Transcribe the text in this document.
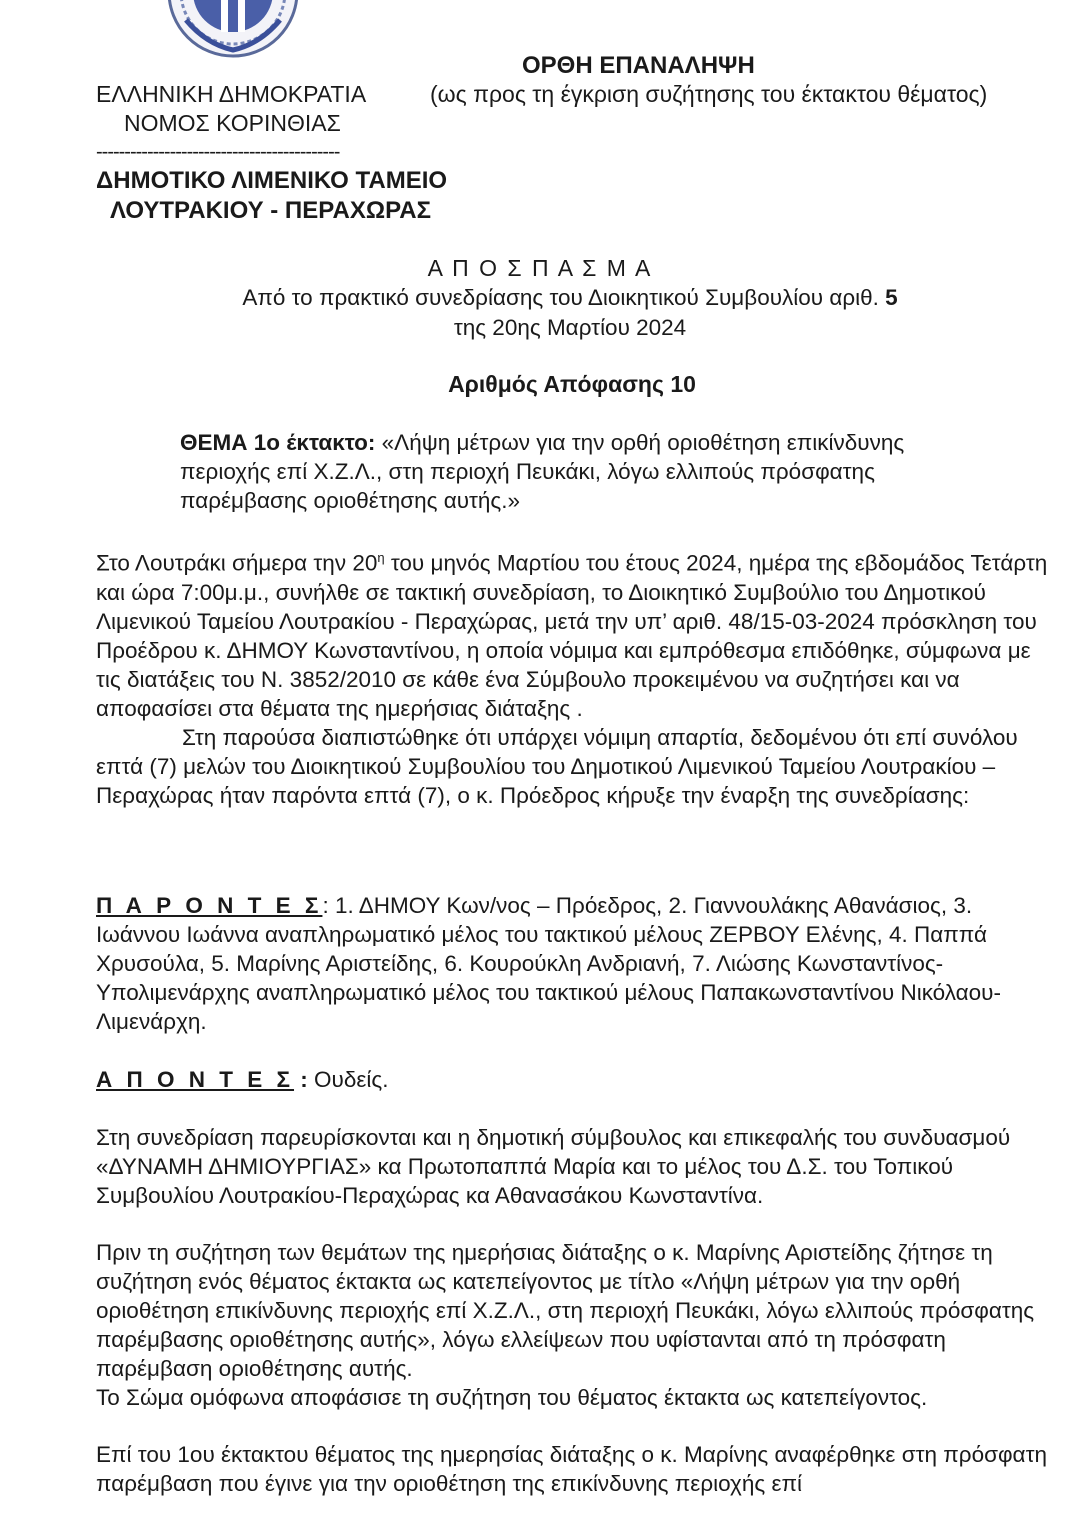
ΕΛΛΗΝΙΚΗ ΔΗΜΟΚΡΑΤΙΑ
ΝΟΜΟΣ ΚΟΡΙΝΘΙΑΣ
-------------------------------------------
ΔΗΜΟΤΙΚΟ ΛΙΜΕΝΙΚΟ ΤΑΜΕΙΟ
ΛΟΥΤΡΑΚΙΟΥ - ΠΕΡΑΧΩΡΑΣ
ΟΡΘΗ ΕΠΑΝΑΛΗΨΗ
(ως προς τη έγκριση συζήτησης του έκτακτου θέματος)
Α Π Ο Σ Π Α Σ Μ Α
Από το πρακτικό συνεδρίασης του Διοικητικού Συμβουλίου αριθ. 5
της 20ης Μαρτίου 2024
Αριθμός Απόφασης 10
ΘΕΜΑ 1ο έκτακτο: «Λήψη μέτρων για την ορθή οριοθέτηση επικίνδυνης
περιοχής επί Χ.Ζ.Λ., στη περιοχή Πευκάκι, λόγω ελλιπούς πρόσφατης
παρέμβασης οριοθέτησης αυτής.»

Στο Λουτράκι σήμερα την $20^\eta$ του μηνός Μαρτίου του έτους 2024, ημέρα της εβδομάδος Τετάρτη και ώρα 7:00μ.μ., συνήλθε σε τακτική συνεδρίαση, το Διοικητικό Συμβούλιο του Δημοτικού Λιμενικού Ταμείου Λουτρακίου - Περαχώρας, μετά την υπ’ αριθ. 48/15-03-2024 πρόσκληση του Προέδρου κ. ΔΗΜΟΥ Κωνσταντίνου, η οποία νόμιμα και εμπρόθεσμα επιδόθηκε, σύμφωνα με τις διατάξεις του Ν. 3852/2010 σε κάθε ένα Σύμβουλο προκειμένου να συζητήσει και να αποφασίσει στα θέματα της ημερήσιας διάταξης .

Στη παρούσα διαπιστώθηκε ότι υπάρχει νόμιμη απαρτία, δεδομένου ότι επί συνόλου επτά (7) μελών του Διοικητικού Συμβουλίου του Δημοτικού Λιμενικού Ταμείου Λουτρακίου – Περαχώρας ήταν παρόντα επτά (7), ο κ. Πρόεδρος κήρυξε την έναρξη της συνεδρίασης:

Π Α Ρ Ο Ν Τ Ε Σ: 1. ΔΗΜΟΥ Κων/νος – Πρόεδρος, 2. Γιαννουλάκης Αθανάσιος, 3. Ιωάννου Ιωάννα αναπληρωματικό μέλος του τακτικού μέλους ΖΕΡΒΟΥ Ελένης, 4. Παππά Χρυσούλα, 5. Μαρίνης Αριστείδης, 6. Κουρούκλη Ανδριανή, 7. Λιώσης Κωνσταντίνος-Υπολιμενάρχης αναπληρωματικό μέλος του τακτικού μέλους Παπακωνσταντίνου Νικόλαου-Λιμενάρχη.

Α Π Ο Ν Τ Ε Σ : Ουδείς.

Στη συνεδρίαση παρευρίσκονται και η δημοτική σύμβουλος και επικεφαλής του συνδυασμού «ΔΥΝΑΜΗ ΔΗΜΙΟΥΡΓΙΑΣ» κα Πρωτοπαππά Μαρία και το μέλος του Δ.Σ. του Τοπικού Συμβουλίου Λουτρακίου-Περαχώρας κα Αθανασάκου Κωνσταντίνα.

Πριν τη συζήτηση των θεμάτων της ημερήσιας διάταξης ο κ. Μαρίνης Αριστείδης ζήτησε τη συζήτηση ενός θέματος έκτακτα ως κατεπείγοντος με τίτλο «Λήψη μέτρων για την ορθή οριοθέτηση επικίνδυνης περιοχής επί Χ.Ζ.Λ., στη περιοχή Πευκάκι, λόγω ελλιπούς πρόσφατης παρέμβασης οριοθέτησης αυτής», λόγω ελλείψεων που υφίστανται από τη πρόσφατη παρέμβαση οριοθέτησης αυτής.

Το Σώμα ομόφωνα αποφάσισε τη συζήτηση του θέματος έκτακτα ως κατεπείγοντος.

Επί του 1ου έκτακτου θέματος της ημερησίας διάταξης ο κ. Μαρίνης αναφέρθηκε στη πρόσφατη παρέμβαση που έγινε για την οριοθέτηση της επικίνδυνης περιοχής επί
